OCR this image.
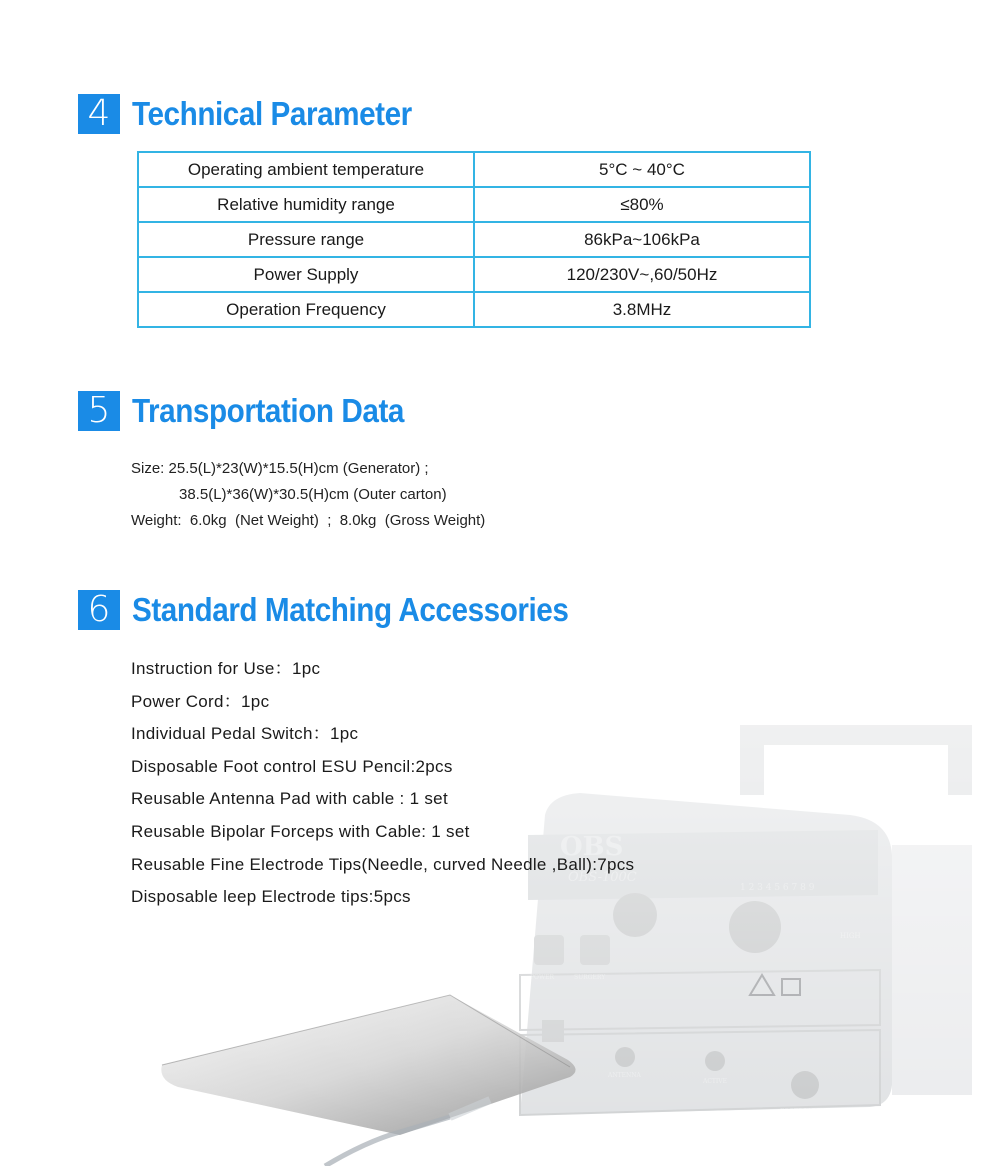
4 Technical Parameter
Operating ambient temperature	5°C ~ 40°C
Relative humidity range	≤80%
Pressure range	86kPa~106kPa
Power Supply	120/230V~,60/50Hz
Operation Frequency	3.8MHz
5 Transportation Data
Size: 25.5(L)*23(W)*15.5(H)cm (Generator) ;
38.5(L)*36(W)*30.5(H)cm (Outer carton)
Weight:  6.0kg  (Net Weight)  ;  8.0kg  (Gross Weight)
6 Standard Matching Accessories
Instruction for Use：1pc
Power Cord：1pc
Individual Pedal Switch：1pc
Disposable Foot control ESU Pencil:2pcs
Reusable Antenna Pad with cable : 1 set
Reusable Bipolar Forceps with Cable: 1 set
Reusable Fine Electrode Tips(Needle, curved Needle ,Ball):7pcs
Disposable leep Electrode tips:5pcs
